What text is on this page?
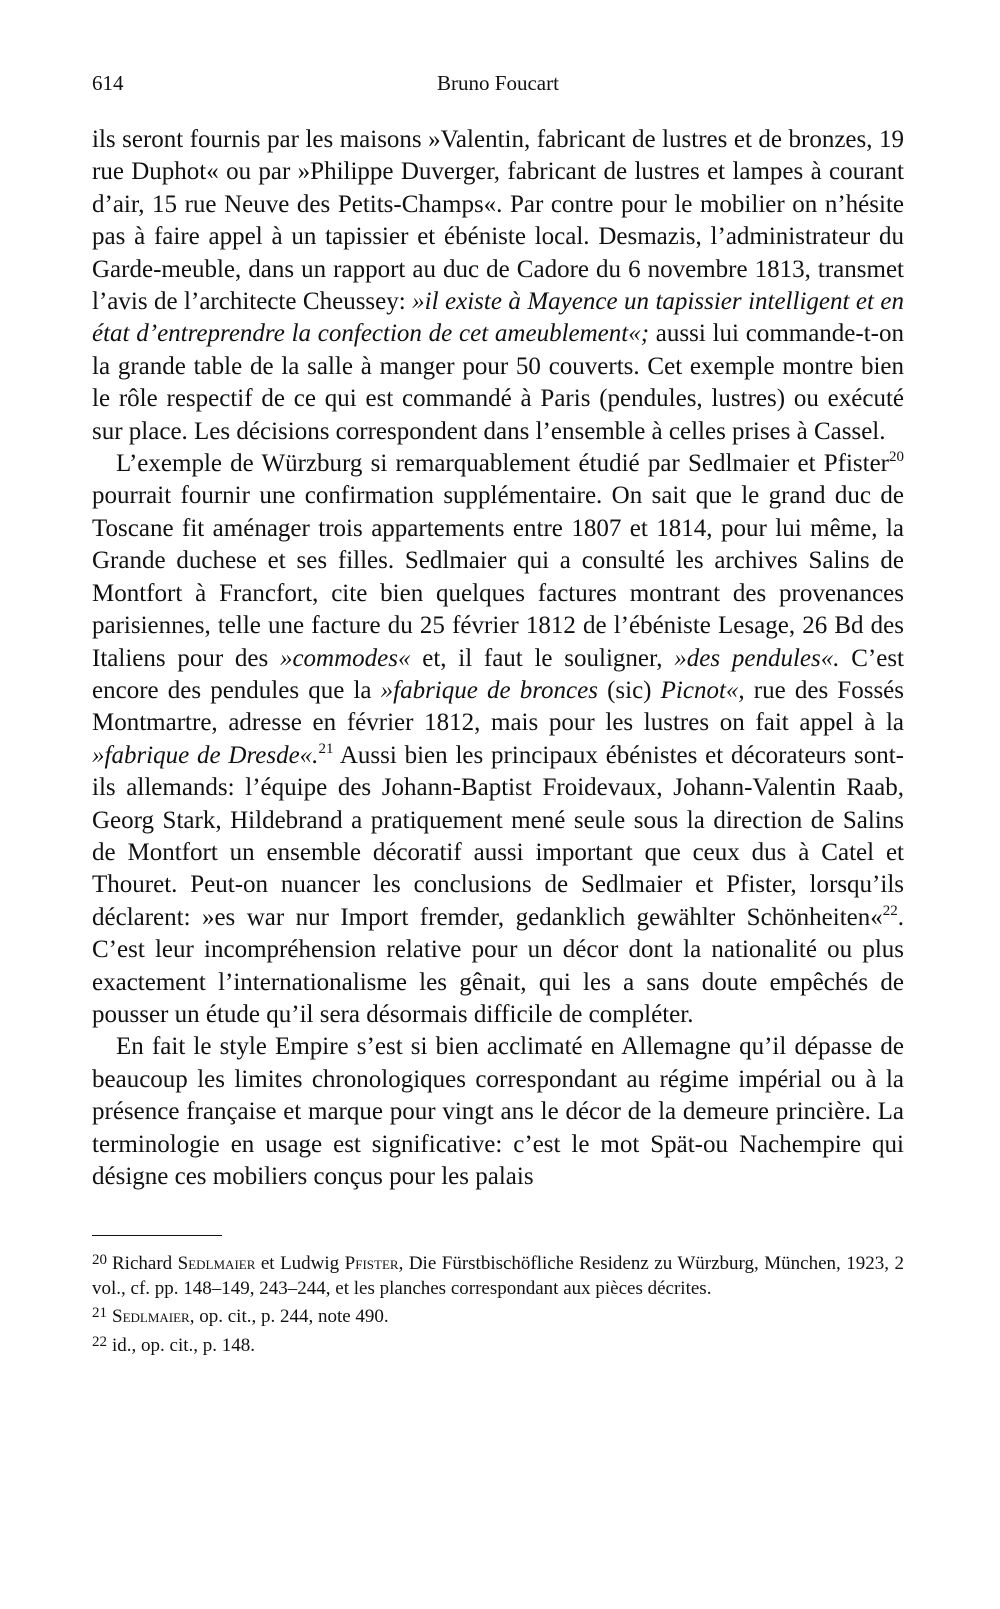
614	Bruno Foucart

ils seront fournis par les maisons »Valentin, fabricant de lustres et de bronzes, 19 rue Duphot« ou par »Philippe Duverger, fabricant de lustres et lampes à courant d’air, 15 rue Neuve des Petits-Champs«. Par contre pour le mobilier on n’hésite pas à faire appel à un tapissier et ébéniste local. Desmazis, l’administrateur du Garde-meuble, dans un rapport au duc de Cadore du 6 novembre 1813, transmet l’avis de l’architecte Cheussey: »il existe à Mayence un tapissier intelligent et en état d’entreprendre la confection de cet ameublement«; aussi lui commande-t-on la grande table de la salle à manger pour 50 couverts. Cet exemple montre bien le rôle respectif de ce qui est commandé à Paris (pendules, lustres) ou exécuté sur place. Les décisions correspondent dans l’ensemble à celles prises à Cassel.

L’exemple de Würzburg si remarquablement étudié par Sedlmaier et Pfister$^{20}$ pourrait fournir une confirmation supplémentaire. On sait que le grand duc de Toscane fit aménager trois appartements entre 1807 et 1814, pour lui même, la Grande duchese et ses filles. Sedlmaier qui a consulté les archives Salins de Montfort à Francfort, cite bien quelques factures montrant des provenances parisiennes, telle une facture du 25 février 1812 de l’ébéniste Lesage, 26 Bd des Italiens pour des »commodes« et, il faut le souligner, »des pendules«. C’est encore des pendules que la »fabrique de bronces (sic) Picnot«, rue des Fossés Montmartre, adresse en février 1812, mais pour les lustres on fait appel à la »fabrique de Dresde«.$^{21}$ Aussi bien les principaux ébénistes et décorateurs sont-ils allemands: l’équipe des Johann-Baptist Froidevaux, Johann-Valentin Raab, Georg Stark, Hildebrand a pratiquement mené seule sous la direction de Salins de Montfort un ensemble décoratif aussi important que ceux dus à Catel et Thouret. Peut-on nuancer les conclusions de Sedlmaier et Pfister, lorsqu’ils déclarent: »es war nur Import fremder, gedanklich gewählter Schönheiten«$^{22}$. C’est leur incompréhension relative pour un décor dont la nationalité ou plus exactement l’internationalisme les gênait, qui les a sans doute empêchés de pousser un étude qu’il sera désormais difficile de compléter.

En fait le style Empire s’est si bien acclimaté en Allemagne qu’il dépasse de beaucoup les limites chronologiques correspondant au régime impérial ou à la présence française et marque pour vingt ans le décor de la demeure princière. La terminologie en usage est significative: c’est le mot Spät-ou Nachempire qui désigne ces mobiliers conçus pour les palais

$^{20}$ Richard Sedlmaier et Ludwig Pfister, Die Fürstbischöfliche Residenz zu Würzburg, München, 1923, 2 vol., cf. pp. 148–149, 243–244, et les planches correspondant aux pièces décrites.

$^{21}$ Sedlmaier, op. cit., p. 244, note 490.

$^{22}$ id., op. cit., p. 148.
